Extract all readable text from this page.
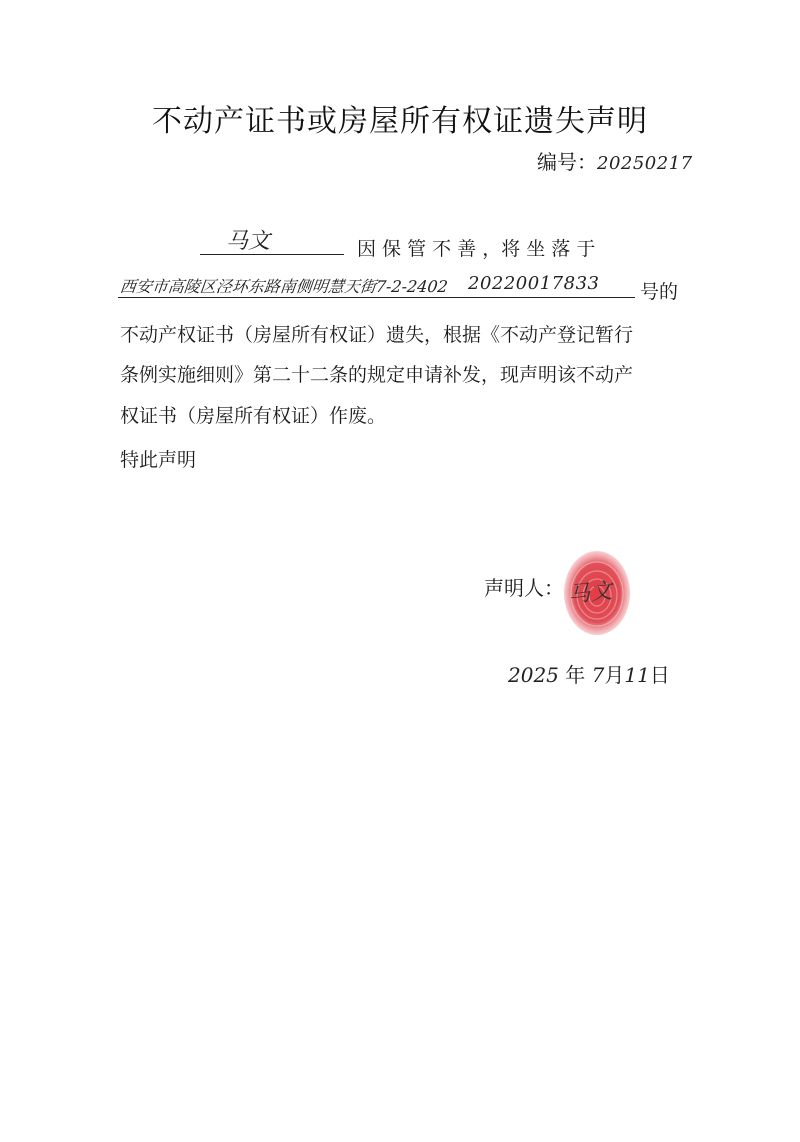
不动产证书或房屋所有权证遗失声明
编号：20250217
马文	因 保 管 不 善 ，将 坐 落 于
西安市高陵区泾环东路南侧明慧天街7-2-2402 20220017833 号的
不动产权证书（房屋所有权证）遗失，根据《不动产登记暂行
条例实施细则》第二十二条的规定申请补发，现声明该不动产
权证书（房屋所有权证）作废。
特此声明
声明人： 马文
2025 年 7月11日
